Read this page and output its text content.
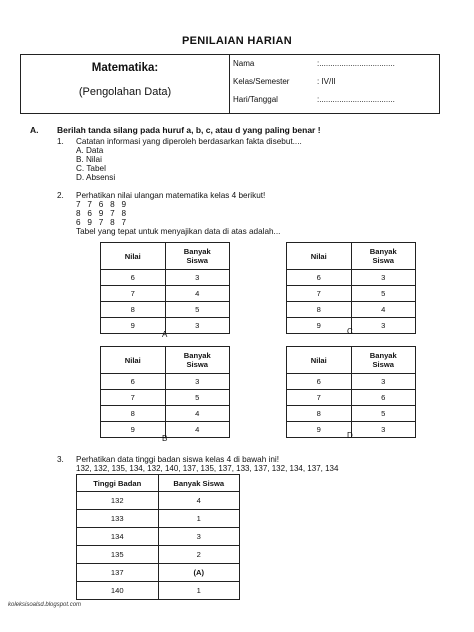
PENILAIAN HARIAN
Matematika:
(Pengolahan Data)
Nama	:..................................
Kelas/Semester	: IV/II
Hari/Tanggal	:..................................
A. Berilah tanda silang pada huruf a, b, c, atau d yang paling benar !
1. Catatan informasi yang diperoleh berdasarkan fakta disebut....
A. Data
B. Nilai
C. Tabel
D. Absensi
2. Perhatikan nilai ulangan matematika kelas 4 berikut!
7   7   6   8   9
8   6   9   7   8
6   9   7   8   7
Tabel yang tepat untuk menyajikan data di atas adalah...
Nilai	Banyak
Siswa
6	3
7	4
8	5
9	3
A
Nilai	Banyak
Siswa
6	3
7	5
8	4
9	3
C
Nilai	Banyak
Siswa
6	3
7	5
8	4
9	4
B
Nilai	Banyak
Siswa
6	3
7	6
8	5
9	3
D
3. Perhatikan data tinggi badan siswa kelas 4 di bawah ini!
132, 132, 135, 134, 132, 140, 137, 135, 137, 133, 137, 132, 134, 137, 134
Tinggi Badan	Banyak Siswa
132	4
133	1
134	3
135	2
137	(A)
140	1
koleksisoalsd.blogspot.com
